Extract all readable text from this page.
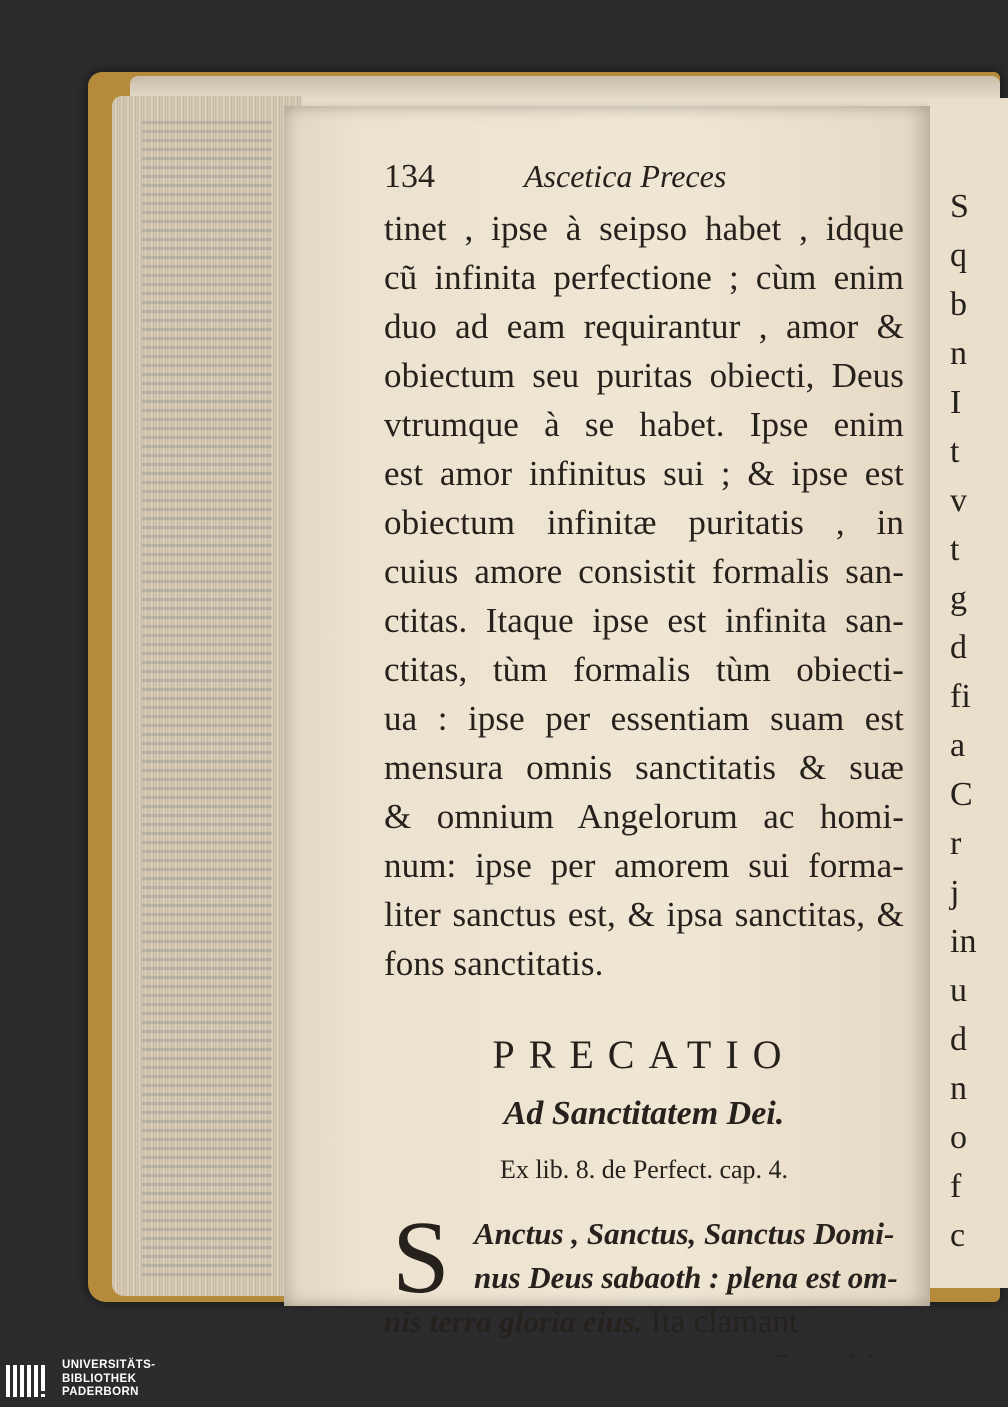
S
q
b
n
I
t
v
t
g
d
fi
a
C
r
j
in
u
d
n
o
f
c
134	Ascetica Preces
tinet , ipse à seipso habet , idque
cũ infinita perfectione ; cùm enim
duo ad eam requirantur , amor &
obiectum seu puritas obiecti, Deus
vtrumque à se habet. Ipse enim
est amor infinitus sui ; & ipse est
obiectum infinitæ puritatis , in
cuius amore consistit formalis san-
ctitas. Itaque ipse est infinita san-
ctitas, tùm formalis tùm obiecti-
ua : ipse per essentiam suam est
mensura omnis sanctitatis & suæ
& omnium Angelorum ac homi-
num: ipse per amorem sui forma-
liter sanctus est, & ipsa sanctitas, &
fons sanctitatis.
PRECATIO
Ad Sanctitatem Dei.
Ex lib. 8. de Perfect. cap. 4.
S Anctus , Sanctus, Sanctus Domi-
nus Deus sabaoth : plena est om-
nis terra gloria eius. Ita clamant
UNIVERSITÄTS-
BIBLIOTHEK
PADERBORN
